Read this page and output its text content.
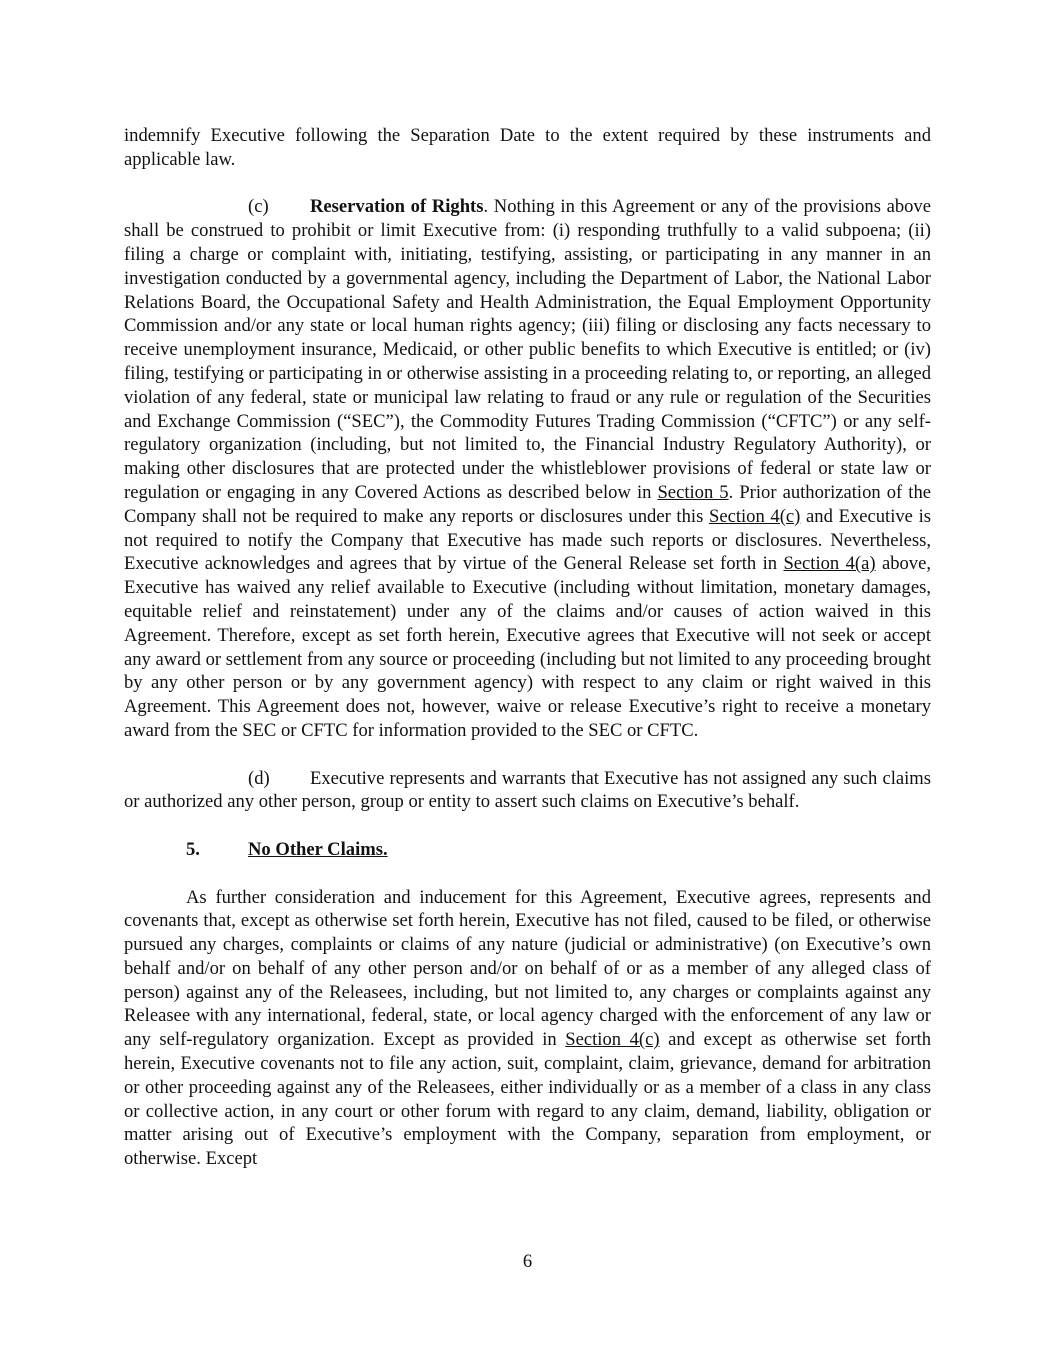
indemnify Executive following the Separation Date to the extent required by these instruments and applicable law.

(c) Reservation of Rights. Nothing in this Agreement or any of the provisions above shall be construed to prohibit or limit Executive from: (i) responding truthfully to a valid subpoena; (ii) filing a charge or complaint with, initiating, testifying, assisting, or participating in any manner in an investigation conducted by a governmental agency, including the Department of Labor, the National Labor Relations Board, the Occupational Safety and Health Administration, the Equal Employment Opportunity Commission and/or any state or local human rights agency; (iii) filing or disclosing any facts necessary to receive unemployment insurance, Medicaid, or other public benefits to which Executive is entitled; or (iv) filing, testifying or participating in or otherwise assisting in a proceeding relating to, or reporting, an alleged violation of any federal, state or municipal law relating to fraud or any rule or regulation of the Securities and Exchange Commission (“SEC”), the Commodity Futures Trading Commission (“CFTC”) or any self-regulatory organization (including, but not limited to, the Financial Industry Regulatory Authority), or making other disclosures that are protected under the whistleblower provisions of federal or state law or regulation or engaging in any Covered Actions as described below in Section 5. Prior authorization of the Company shall not be required to make any reports or disclosures under this Section 4(c) and Executive is not required to notify the Company that Executive has made such reports or disclosures. Nevertheless, Executive acknowledges and agrees that by virtue of the General Release set forth in Section 4(a) above, Executive has waived any relief available to Executive (including without limitation, monetary damages, equitable relief and reinstatement) under any of the claims and/or causes of action waived in this Agreement. Therefore, except as set forth herein, Executive agrees that Executive will not seek or accept any award or settlement from any source or proceeding (including but not limited to any proceeding brought by any other person or by any government agency) with respect to any claim or right waived in this Agreement. This Agreement does not, however, waive or release Executive’s right to receive a monetary award from the SEC or CFTC for information provided to the SEC or CFTC.

(d) Executive represents and warrants that Executive has not assigned any such claims or authorized any other person, group or entity to assert such claims on Executive’s behalf.

5.	No Other Claims.

As further consideration and inducement for this Agreement, Executive agrees, represents and covenants that, except as otherwise set forth herein, Executive has not filed, caused to be filed, or otherwise pursued any charges, complaints or claims of any nature (judicial or administrative) (on Executive’s own behalf and/or on behalf of any other person and/or on behalf of or as a member of any alleged class of person) against any of the Releasees, including, but not limited to, any charges or complaints against any Releasee with any international, federal, state, or local agency charged with the enforcement of any law or any self-regulatory organization. Except as provided in Section 4(c) and except as otherwise set forth herein, Executive covenants not to file any action, suit, complaint, claim, grievance, demand for arbitration or other proceeding against any of the Releasees, either individually or as a member of a class in any class or collective action, in any court or other forum with regard to any claim, demand, liability, obligation or matter arising out of Executive’s employment with the Company, separation from employment, or otherwise. Except

6
